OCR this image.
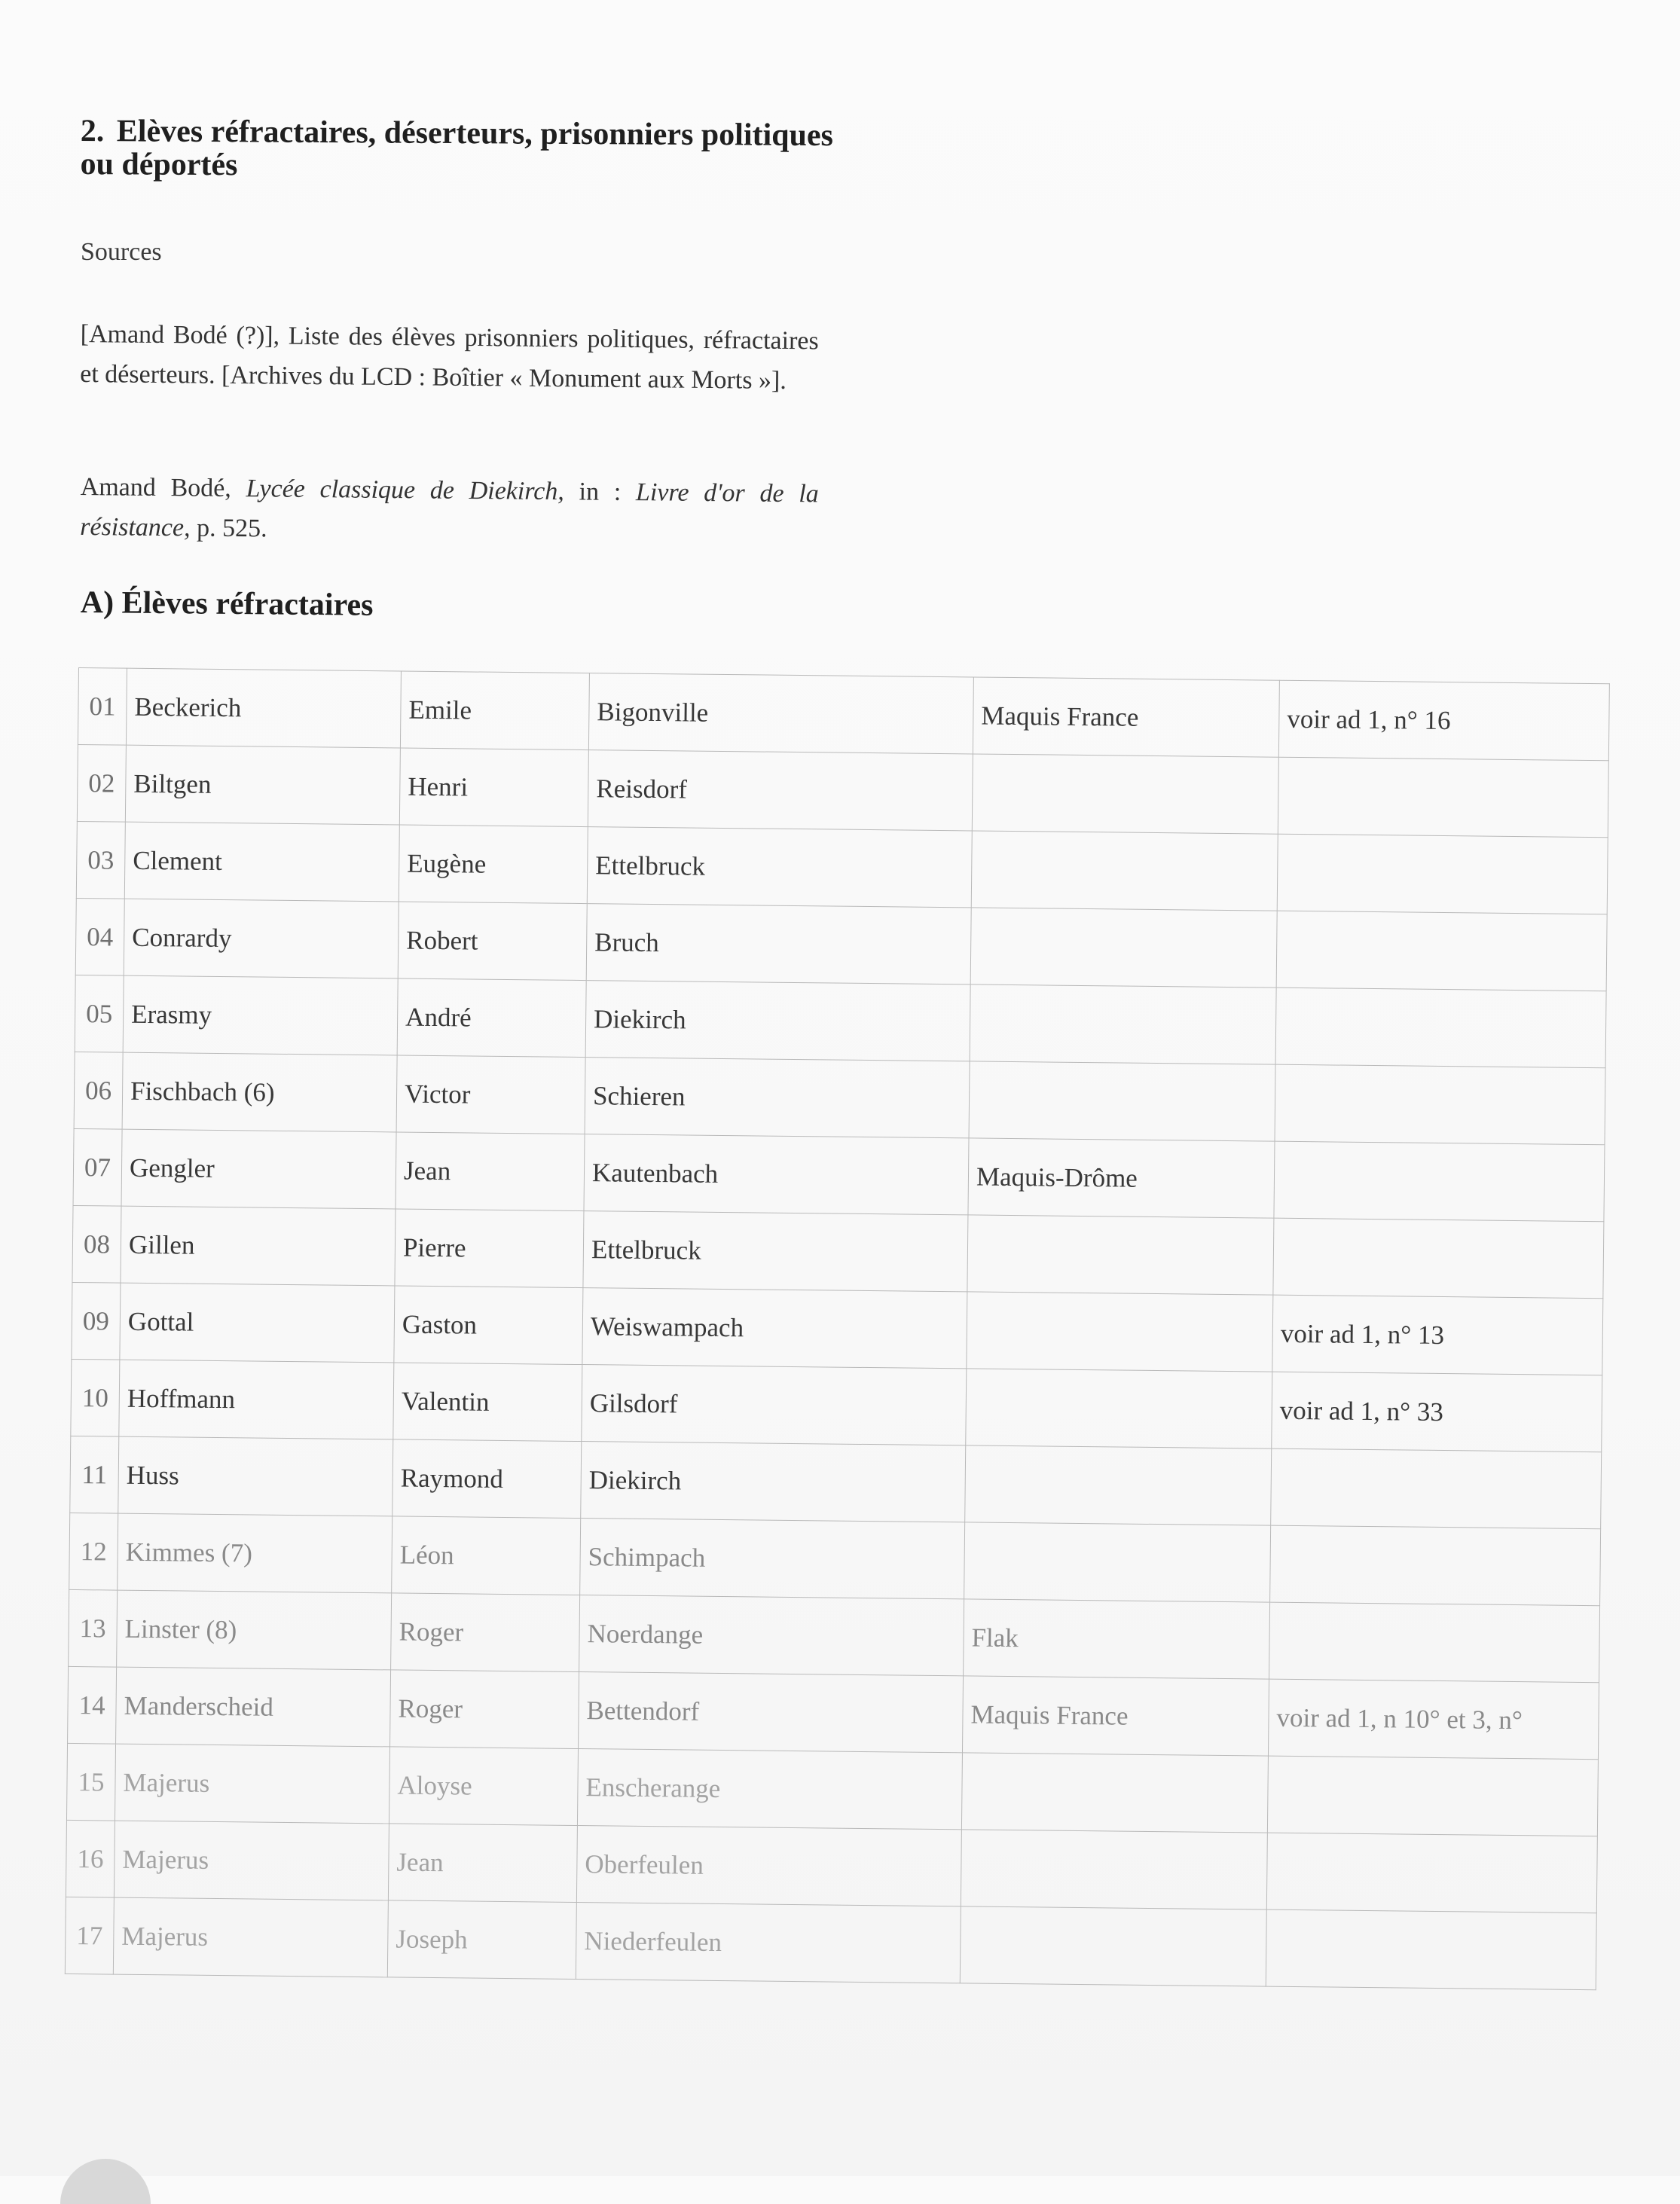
2. Elèves réfractaires, déserteurs, prisonniers politiques ou déportés

Sources

[Amand Bodé (?)], Liste des élèves prisonniers politiques, réfractaires et déserteurs. [Archives du LCD : Boîtier « Monument aux Morts »].

Amand Bodé, Lycée classique de Diekirch, in : Livre d'or de la résistance, p. 525.

A) Élèves réfractaires
01	Beckerich	Emile	Bigonville	Maquis France	voir ad 1, n° 16
02	Biltgen	Henri	Reisdorf		
03	Clement	Eugène	Ettelbruck		
04	Conrardy	Robert	Bruch		
05	Erasmy	André	Diekirch		
06	Fischbach (6)	Victor	Schieren		
07	Gengler	Jean	Kautenbach	Maquis-Drôme	
08	Gillen	Pierre	Ettelbruck		
09	Gottal	Gaston	Weiswampach		voir ad 1, n° 13
10	Hoffmann	Valentin	Gilsdorf		voir ad 1, n° 33
11	Huss	Raymond	Diekirch		
12	Kimmes (7)	Léon	Schimpach		
13	Linster (8)	Roger	Noerdange	Flak	
14	Manderscheid	Roger	Bettendorf	Maquis France	voir ad 1, n 10° et 3, n°
15	Majerus	Aloyse	Enscherange		
16	Majerus	Jean	Oberfeulen		
17	Majerus	Joseph	Niederfeulen		
